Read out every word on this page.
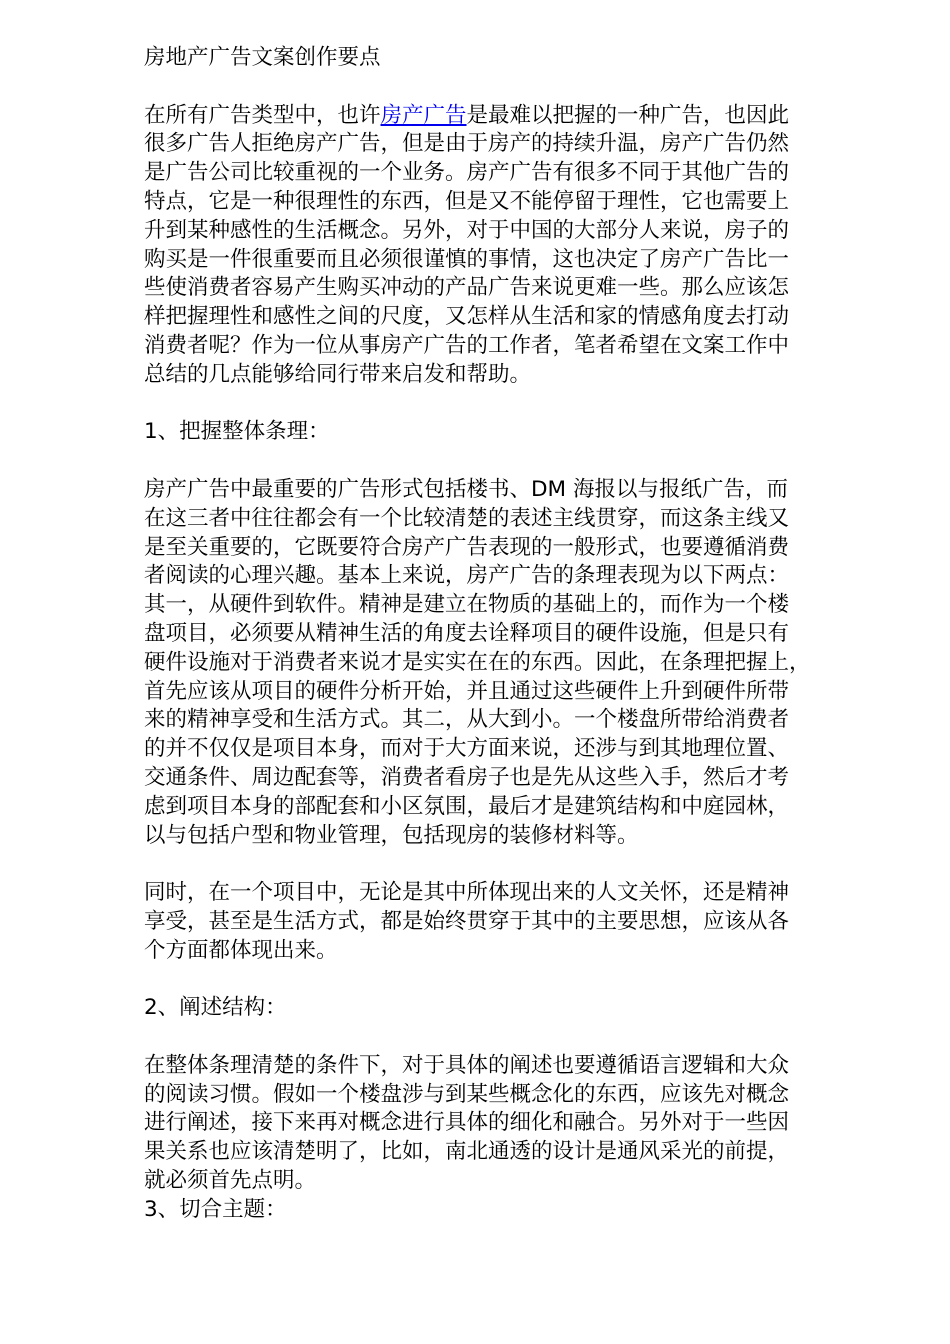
房地产广告文案创作要点

在所有广告类型中，也许房产广告是最难以把握的一种广告，也因此
很多广告人拒绝房产广告，但是由于房产的持续升温，房产广告仍然
是广告公司比较重视的一个业务。房产广告有很多不同于其他广告的
特点，它是一种很理性的东西，但是又不能停留于理性，它也需要上
升到某种感性的生活概念。另外，对于中国的大部分人来说，房子的
购买是一件很重要而且必须很谨慎的事情，这也决定了房产广告比一
些使消费者容易产生购买冲动的产品广告来说更难一些。那么应该怎
样把握理性和感性之间的尺度，又怎样从生活和家的情感角度去打动
消费者呢？作为一位从事房产广告的工作者，笔者希望在文案工作中
总结的几点能够给同行带来启发和帮助。

1、把握整体条理：

房产广告中最重要的广告形式包括楼书、DM 海报以与报纸广告，而
在这三者中往往都会有一个比较清楚的表述主线贯穿，而这条主线又
是至关重要的，它既要符合房产广告表现的一般形式，也要遵循消费
者阅读的心理兴趣。基本上来说，房产广告的条理表现为以下两点：
其一，从硬件到软件。精神是建立在物质的基础上的，而作为一个楼
盘项目，必须要从精神生活的角度去诠释项目的硬件设施，但是只有
硬件设施对于消费者来说才是实实在在的东西。因此，在条理把握上，
首先应该从项目的硬件分析开始，并且通过这些硬件上升到硬件所带
来的精神享受和生活方式。其二，从大到小。一个楼盘所带给消费者
的并不仅仅是项目本身，而对于大方面来说，还涉与到其地理位置、
交通条件、周边配套等，消费者看房子也是先从这些入手，然后才考
虑到项目本身的部配套和小区氛围，最后才是建筑结构和中庭园林，
以与包括户型和物业管理，包括现房的装修材料等。
同时，在一个项目中，无论是其中所体现出来的人文关怀，还是精神
享受，甚至是生活方式，都是始终贯穿于其中的主要思想，应该从各
个方面都体现出来。

2、阐述结构：

在整体条理清楚的条件下，对于具体的阐述也要遵循语言逻辑和大众
的阅读习惯。假如一个楼盘涉与到某些概念化的东西，应该先对概念
进行阐述，接下来再对概念进行具体的细化和融合。另外对于一些因
果关系也应该清楚明了，比如，南北通透的设计是通风采光的前提，
就必须首先点明。

3、切合主题：
